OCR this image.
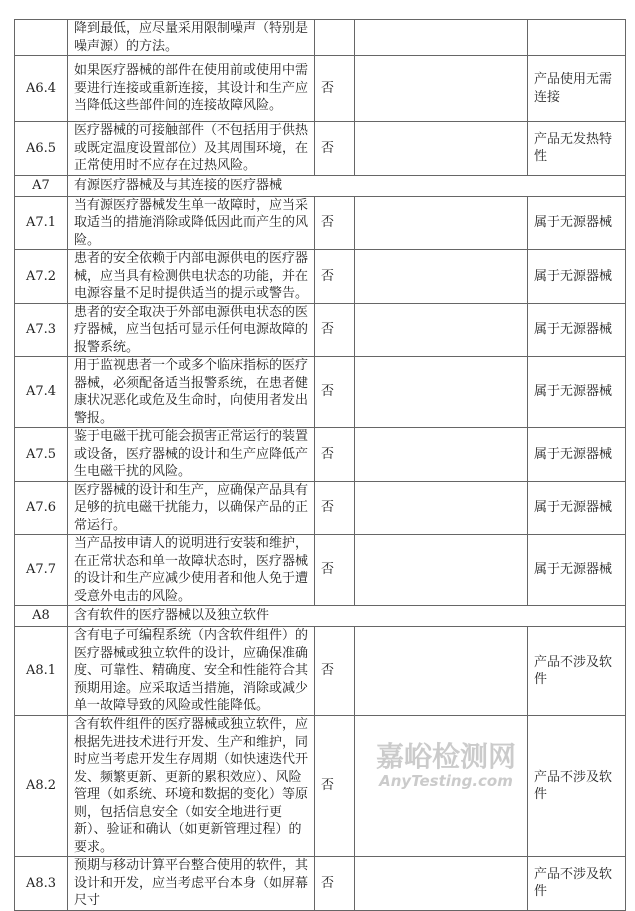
	降到最低，应尽量采用限制噪声（特别是噪声源）的方法。			
A6.4	如果医疗器械的部件在使用前或使用中需要进行连接或重新连接，其设计和生产应当降低这些部件间的连接故障风险。	否		产品使用无需连接
A6.5	医疗器械的可接触部件（不包括用于供热或既定温度设置部位）及其周围环境，在正常使用时不应存在过热风险。	否		产品无发热特性
A7	有源医疗器械及与其连接的医疗器械			
A7.1	当有源医疗器械发生单一故障时，应当采取适当的措施消除或降低因此而产生的风险。	否		属于无源器械
A7.2	患者的安全依赖于内部电源供电的医疗器械，应当具有检测供电状态的功能，并在电源容量不足时提供适当的提示或警告。	否		属于无源器械
A7.3	患者的安全取决于外部电源供电状态的医疗器械，应当包括可显示任何电源故障的报警系统。	否		属于无源器械
A7.4	用于监视患者一个或多个临床指标的医疗器械，必须配备适当报警系统，在患者健康状况恶化或危及生命时，向使用者发出警报。	否		属于无源器械
A7.5	鉴于电磁干扰可能会损害正常运行的装置或设备，医疗器械的设计和生产应降低产生电磁干扰的风险。	否		属于无源器械
A7.6	医疗器械的设计和生产，应确保产品具有足够的抗电磁干扰能力，以确保产品的正常运行。	否		属于无源器械
A7.7	当产品按申请人的说明进行安装和维护，在正常状态和单一故障状态时，医疗器械的设计和生产应减少使用者和他人免于遭受意外电击的风险。	否		属于无源器械
A8	含有软件的医疗器械以及独立软件			
A8.1	含有电子可编程系统（内含软件组件）的医疗器械或独立软件的设计，应确保准确度、可靠性、精确度、安全和性能符合其预期用途。应采取适当措施，消除或减少单一故障导致的风险或性能降低。	否		产品不涉及软件
A8.2	含有软件组件的医疗器械或独立软件，应根据先进技术进行开发、生产和维护，同时应当考虑开发生存周期（如快速迭代开发、频繁更新、更新的累积效应）、风险管理（如系统、环境和数据的变化）等原则，包括信息安全（如安全地进行更新）、验证和确认（如更新管理过程）的要求。	否		产品不涉及软件
A8.3	预期与移动计算平台整合使用的软件，其设计和开发，应当考虑平台本身（如屏幕尺寸	否		产品不涉及软件
嘉峪检测网
AnyTesting.com
